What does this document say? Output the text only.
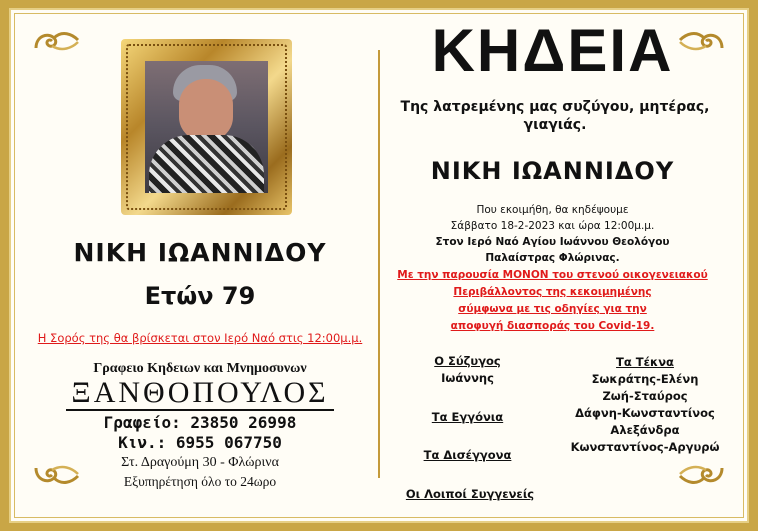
ΝΙΚΗ ΙΩΑΝΝΙΔΟΥ
Ετών 79
Η Σορός της θα βρίσκεται στον Ιερό Ναό στις 12:00μ.μ.
Γραφειο Κηδειων και Μνημοσυνων
ΞΑΝΘΟΠΟΥΛΟΣ
Γραφείο: 23850 26998
Κιν.: 6955 067750
Στ. Δραγούμη 30 - Φλώρινα
Εξυπηρέτηση όλο το 24ωρο
ΚΗΔΕΙΑ
Της λατρεμένης μας συζύγου, μητέρας,
γιαγιάς.
ΝΙΚΗ ΙΩΑΝΝΙΔΟΥ
Που εκοιμήθη, θα κηδέψουμε
Σάββατο 18-2-2023 και ώρα 12:00μ.μ.
Στον Ιερό Ναό Αγίου Ιωάννου Θεολόγου
Παλαίστρας Φλώρινας.
Με την παρουσία ΜΟΝΟΝ του στενού οικογενειακού
Περιβάλλοντος της κεκοιμημένης
σύμφωνα με τις οδηγίες για την
αποφυγή διασποράς του Covid-19.
Ο Σύζυγος
Ιωάννης
Τα Εγγόνια
Τα Δισέγγονα
Οι Λοιποί Συγγενείς
Τα Τέκνα
Σωκράτης-Ελένη
Ζωή-Σταύρος
Δάφνη-Κωνσταντίνος
Αλεξάνδρα
Κωνσταντίνος-Αργυρώ
